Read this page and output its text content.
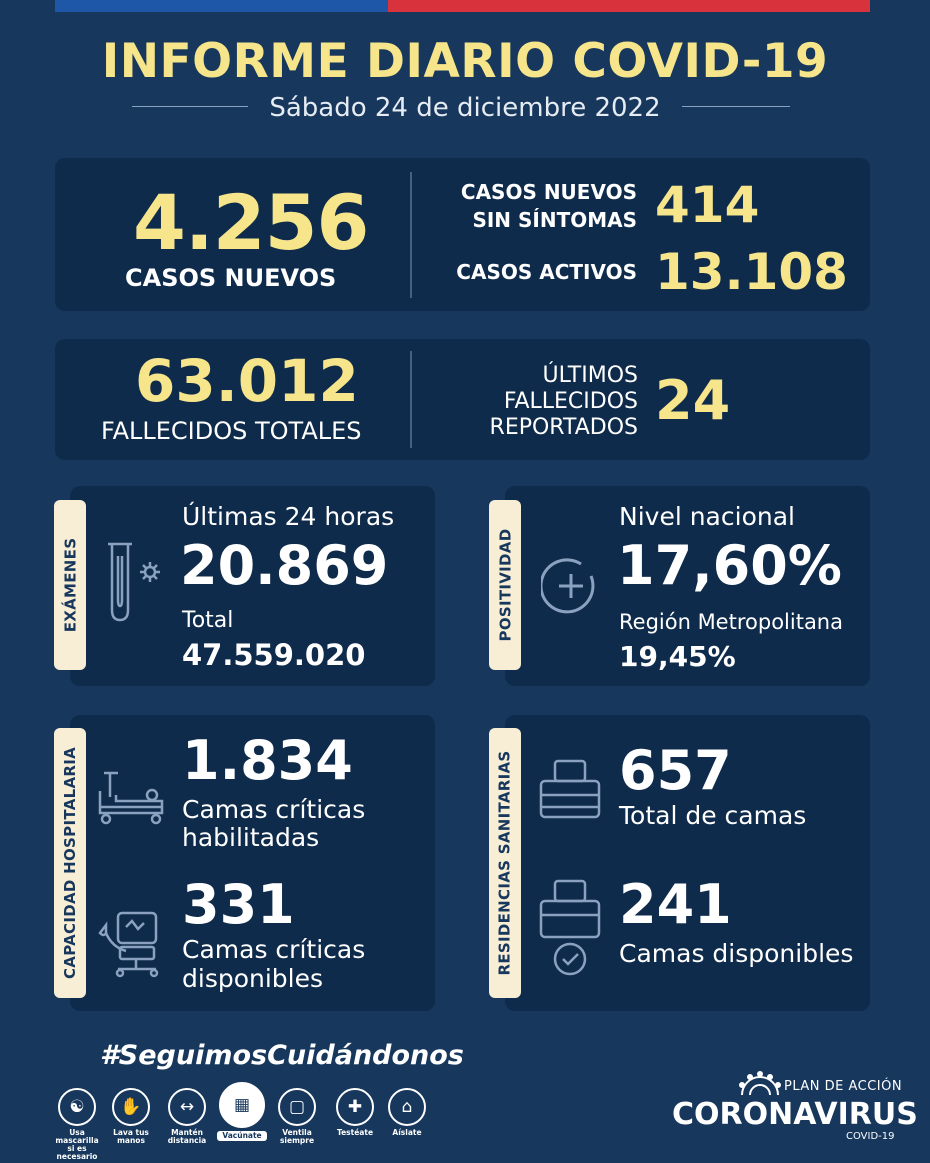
INFORME DIARIO COVID-19
Sábado 24 de diciembre 2022
4.256
CASOS NUEVOS
CASOS NUEVOS
SIN SÍNTOMAS 414
CASOS ACTIVOS 13.108
63.012
FALLECIDOS TOTALES
ÚLTIMOS
FALLECIDOS
REPORTADOS 24
Últimas 24 horas
20.869
Total
47.559.020
EXÁMENES
Nivel nacional
17,60%
Región Metropolitana
19,45%
POSITIVIDAD
1.834
Camas críticas
habilitadas
331
Camas críticas
disponibles
CAPACIDAD HOSPITALARIA	657
Total de camas
241
Camas disponibles
RESIDENCIAS SANITARIAS
#SeguimosCuidándonos
☯
Usa mascarilla si es necesario
✋
Lava tus manos
↔
Mantén distancia
▦
Vacúnate
▢
Ventila siempre
✚
Testéate
⌂
Aíslate
PLAN DE ACCIÓN
CORONAVIRUS
COVID-19
